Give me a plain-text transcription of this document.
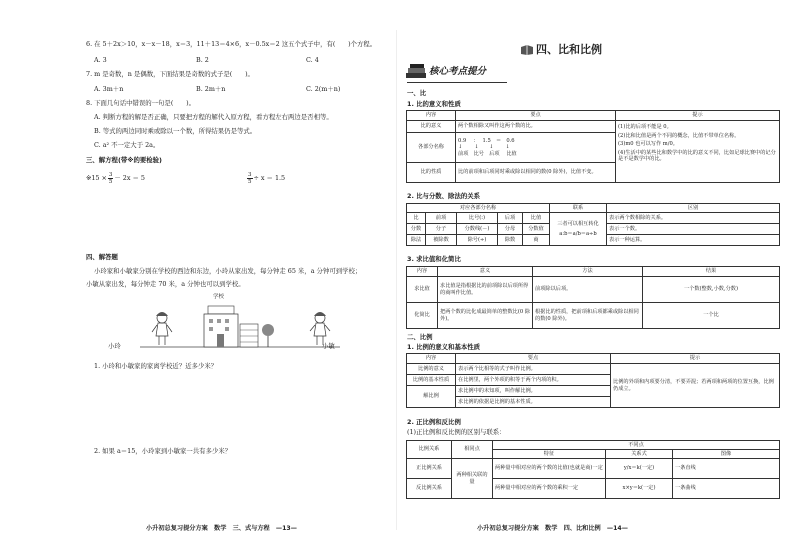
6. 在 5＋2x＞10，x－x－18，x＝3，11＋13＝4×6，x－0.5x＝2 这五个式子中，有(　　)个方程。
A. 3	B. 2	C. 4
7. m 是奇数，n 是偶数，下面结果是奇数的式子是(　　)。
A. 3m＋n	B. 2m＋n	C. 2(m＋n)
8. 下面几句话中错误的一句是(　　)。
A. 判断方程的解是否正确，只要把方程的解代入原方程，看方程左右两边是否相等。
B. 等式的两边同时乘或除以一个数，所得结果仍是等式。
C. a² 不一定大于 2a。
三、解方程(带※的要检验)
※15 × $\frac{3}{5} - 2x = 5$	$\frac{3}{5} \div x = 1.5$
四、解答题
小玲家和小敏家分别在学校的西边和东边，小玲从家出发，每分钟走 65 米，a 分钟可到学校；
小敏从家出发，每分钟走 70 米，a 分钟也可以到学校。
学校
小玲	小敏
1. 小玲和小敏家的家离学校近？近多少米？
2. 如果 a＝15，小玲家到小敏家一共有多少米？
小升初总复习提分方案　数学　三、式与方程　—13—
四、比和比例
核心考点提分
一、比
1. 比的意义和性质
内容	要点	提示
比的意义	两个数相除又叫作这两个数的比。	(1)比的后项不能是 0。
(2)比和比值是两个不同的概念，比值不带单位名称。
(3)m0 也可以写作 m/0。
(4)生活中的某些比和数学中的比的意义不同，比如足球比赛中的记分是不是数学中的比。

各部分名称	0.9　 ：　 1.5　＝　0.6
↓　　 ↓　　↓　　 ↓
前项　比号　后项　 比值	

比的性质	比的前项和后项同时乘或除以相同的数(0 除外)，比值不变。	
2. 比与分数、除法的关系
对应各部分名称					联系	区别
比	前项	比号(:)	后项	比值	三者可以相互转化
a:b＝a/b＝a÷b	表示两个数相除的关系。
分数	分子	分数线(－)	分母	分数值		表示一个数。
除法	被除数	除号(÷)	除数	商		表示一种运算。
3. 求比值和化简比
内容	意义	方法	结果
求比值	求比值是指根据比的前项除以后项所得的商叫作比值。	前项除以后项。	一个数(整数,小数,分数)
化简比	把两个数的比化成最简单的整数比(0 除外)。	根据比的性质，把前项和后项都乘或除以相同的数(0 除外)。	一个比
二、比例
1. 比例的意义和基本性质
内容	要点	提示
比例的意义	表示两个比相等的式子叫作比例。	比例的外项和内项要分清，不要弄混；若两项和两项的位置互换，比例仍成立。
比例的基本性质	在比例里，两个外项的积等于两个内项的积。	
解比例	求比例中的未知项，叫作解比例。	
	求比例的依据是比例的基本性质。	
2. 正比例和反比例
(1)正比例和反比例的区别与联系：
比例关系	相同点	不同点		
		特征	关系式	图像
正比例关系	两种相关联的量	两种量中相对应的两个数的比值(也就是商)一定	y/x＝k(一定)	一条直线
反比例关系		两种量中相对应的两个数的乘积一定	x×y＝k(一定)	一条曲线
小升初总复习提分方案　数学　四、比和比例　—14—
